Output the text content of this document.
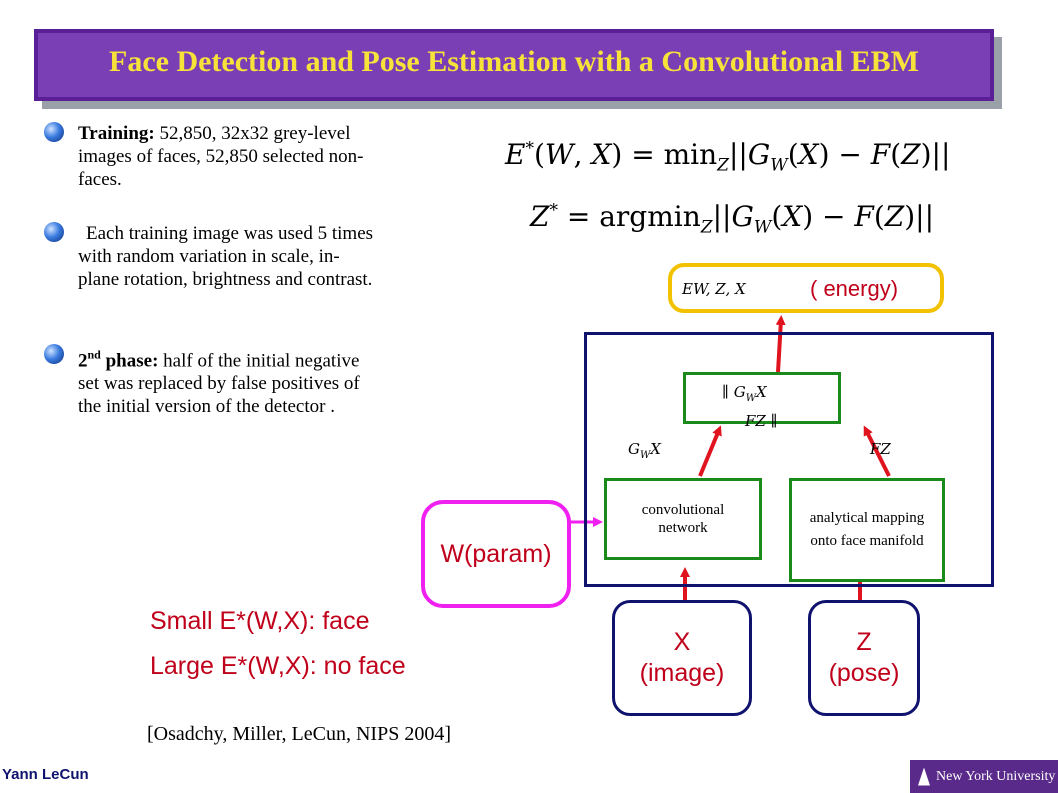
Face Detection and Pose Estimation with a Convolutional EBM
Training: 52,850, 32x32 grey-level images of faces, 52,850 selected non-faces.
Each training image was used 5 times with random variation in scale, in-plane rotation, brightness and contrast.
2nd phase: half of the initial negative set was replaced by false positives of the initial version of the detector .
E*(W, $X) = \min_Z||G_W(X) - F(Z)||$
$Z^* = argmin_Z||G_W(X) - F(Z)||$
E⁣W, Z, X⁣	( energy)
∥ $G_W⁣X⁣$
F⁣Z⁣ ∥
$G_W⁣X⁣$	F⁣Z⁣
convolutional network
analytical mapping onto face manifold
W(param)
X
(image)
Z
(pose)
Small E*(W,X): face
Large E*(W,X): no face
[Osadchy, Miller, LeCun, NIPS 2004]
Yann LeCun	New York University
